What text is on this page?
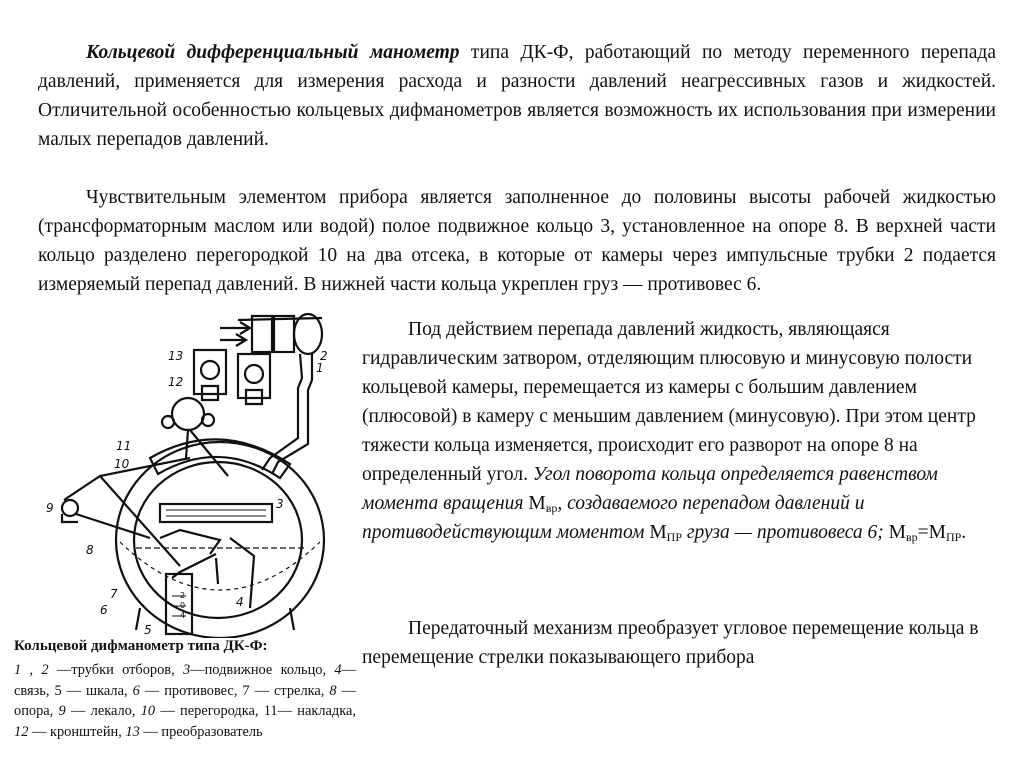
Кольцевой дифференциальный манометр типа ДК-Ф, работающий по методу переменного перепада давлений, применяется для измерения расхода и разности давлений неагрессивных газов и жидкостей. Отличительной особенностью кольцевых дифманометров является возможность их использования при измерении малых перепадов давлений.

Чувствительным элементом прибора является заполненное до половины высоты рабочей жидкостью (трансформаторным маслом или водой) полое подвижное кольцо 3, установленное на опоре 8. В верхней части кольцо разделено перегородкой 10 на два отсека, в которые от камеры через импульсные трубки 2 подается измеряемый перепад давлений. В нижней части кольца укреплен груз — противовес 6.

Под действием перепада давлений жидкость, являющаяся гидравлическим затвором, отделяющим плюсовую и минусовую полости кольцевой камеры, перемещается из камеры с большим давлением (плюсовой) в камеру с меньшим давлением (минусовую). При этом центр тяжести кольца изменяется, происходит его разворот на опоре 8 на определенный угол. Угол поворота кольца определяется равенством момента вращения $М_{вр}$, создаваемого перепадом давлений и противодействующим моментом $М_{ПР}$ груза — противовеса 6; $М_{вр}=М_{ПР}$.

Передаточный механизм преобразует угловое перемещение кольца в перемещение стрелки показывающего прибора

13
12
11
1
10
9	3
8
7
6
4
5
2
2
0
4

Кольцевой дифманометр типа ДК-Ф:

1 , 2 —трубки отборов, 3—подвижное кольцо, 4—связь, 5 — шкала, 6 — противовес, 7 — стрелка, 8 — опора, 9 — лекало, 10 — перегородка, 11— накладка, 12 — кронштейн, 13 — преобразователь
